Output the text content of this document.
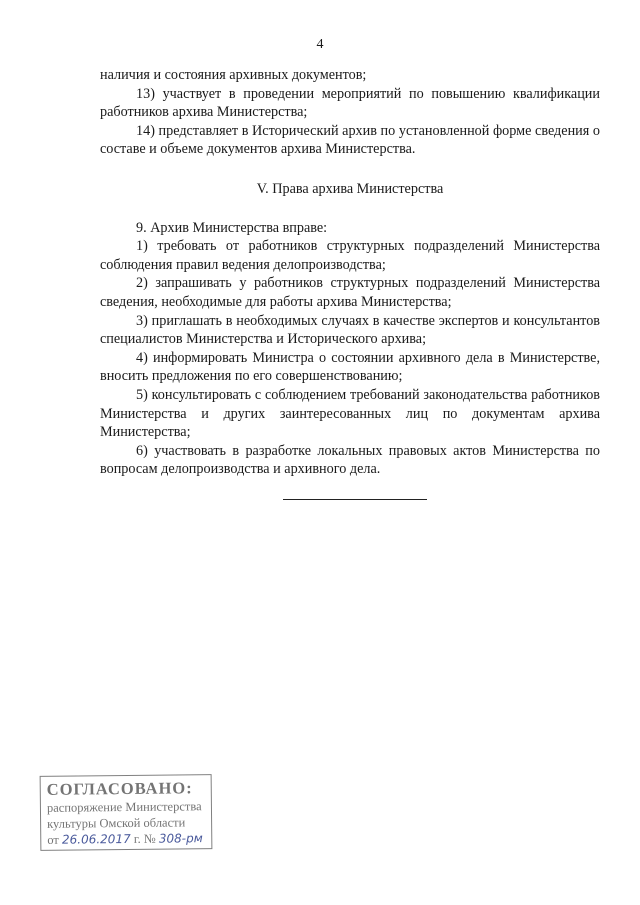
4

наличия и состояния архивных документов;

13) участвует в проведении мероприятий по повышению квалификации работников архива Министерства;

14) представляет в Исторический архив по установленной форме сведения о составе и объеме документов архива Министерства.

V. Права архива Министерства

9. Архив Министерства вправе:

1) требовать от работников структурных подразделений Министерства соблюдения правил ведения делопроизводства;

2) запрашивать у работников структурных подразделений Министерства сведения, необходимые для работы архива Министерства;

3) приглашать в необходимых случаях в качестве экспертов и консультантов специалистов Министерства и Исторического архива;

4) информировать Министра о состоянии архивного дела в Министерстве, вносить предложения по его совершенствованию;

5) консультировать с соблюдением требований законодательства работников Министерства и других заинтересованных лиц по документам архива Министерства;

6) участвовать в разработке локальных правовых актов Министерства по вопросам делопроизводства и архивного дела.

СОГЛАСОВАНО:
распоряжение Министерства
культуры Омской области
от 26.06.2017 г. № 308-рм
